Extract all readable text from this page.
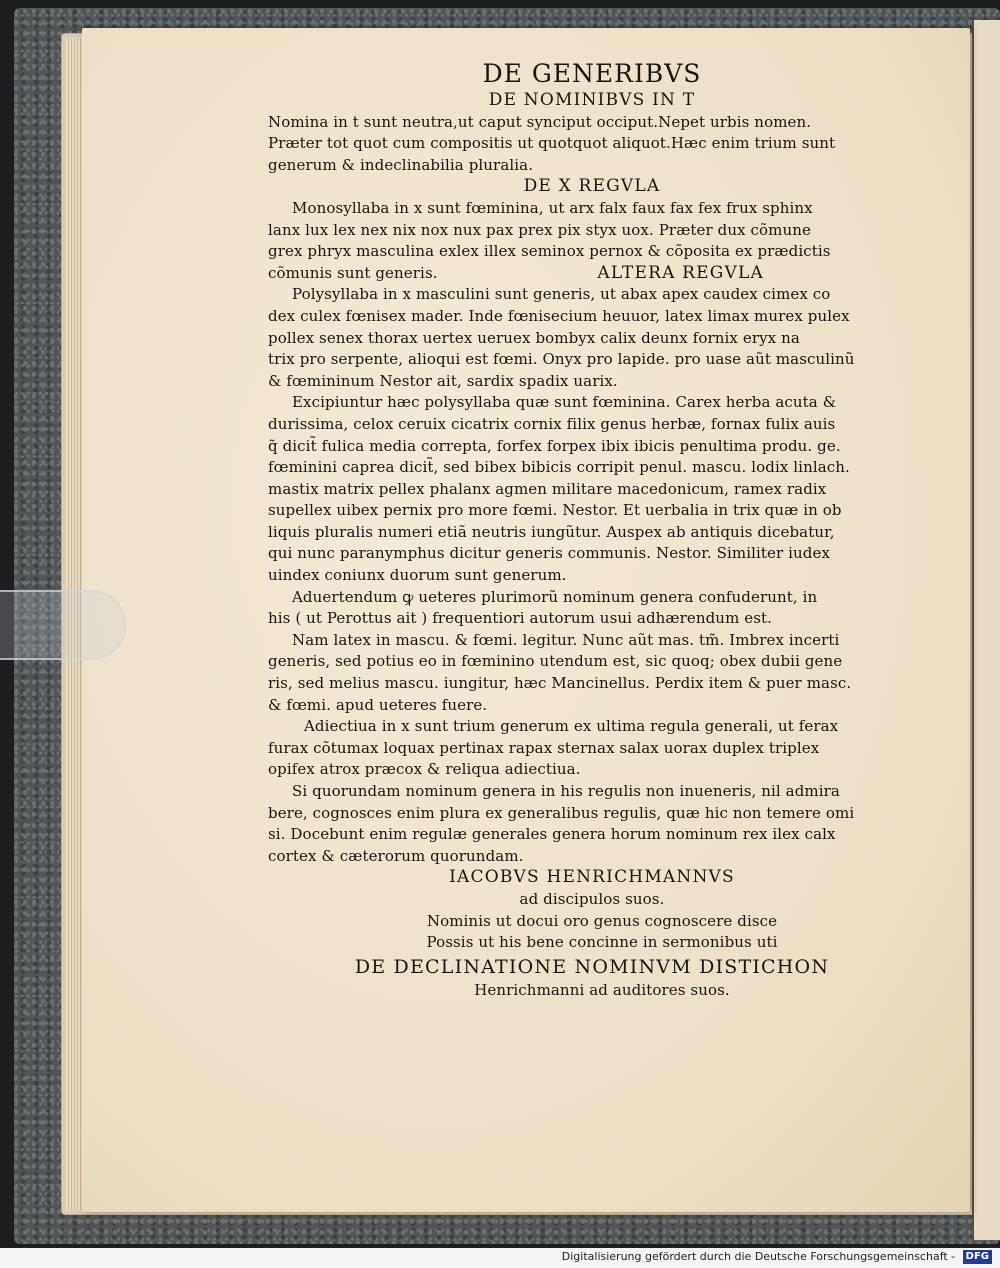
DE GENERIBVS
DE NOMINIBVS IN T
Nomina in t sunt neutra,ut caput synciput occiput.Nepet urbis nomen.
Præter tot quot cum compositis ut quotquot aliquot.Hæc enim trium sunt
generum & indeclinabilia pluralia.
DE X REGVLA
Monosyllaba in x sunt fœminina, ut arx falx faux fax fex frux sphinx
lanx lux lex nex nix nox nux pax prex pix styx uox. Præter dux cõmune
grex phryx masculina exlex illex seminox pernox & cõposita ex prædictis
cõmunis sunt generis.	ALTERA REGVLA
Polysyllaba in x masculini sunt generis, ut abax apex caudex cimex co
dex culex fœnisex mader. Inde fœnisecium heuuor, latex limax murex pulex
pollex senex thorax uertex ueruex bombyx calix deunx fornix eryx na
trix pro serpente, alioqui est fœmi. Onyx pro lapide. pro uase aũt masculinũ
& fœmininum Nestor ait, sardix spadix uarix.
Excipiuntur hæc polysyllaba quæ sunt fœminina. Carex herba acuta &
durissima, celox ceruix cicatrix cornix filix genus herbæ, fornax fulix auis
q̃ dicit̃ fulica media correpta, forfex forpex ibix ibicis penultima produ. ge.
fœminini caprea dicit̃, sed bibex bibicis corripit penul. mascu. lodix linlach.
mastix matrix pellex phalanx agmen militare macedonicum, ramex radix
supellex uibex pernix pro more fœmi. Nestor. Et uerbalia in trix quæ in ob
liquis pluralis numeri etiã neutris iungũtur. Auspex ab antiquis dicebatur,
qui nunc paranymphus dicitur generis communis. Nestor. Similiter iudex
uindex coniunx duorum sunt generum.
Aduertendum ꝙ ueteres plurimorũ nominum genera confuderunt, in
his ( ut Perottus ait ) frequentiori autorum usui adhærendum est.
Nam latex in mascu. & fœmi. legitur. Nunc aũt mas. tm̃. Imbrex incerti
generis, sed potius eo in fœminino utendum est, sic quoq; obex dubii gene
ris, sed melius mascu. iungitur, hæc Mancinellus. Perdix item & puer masc.
& fœmi. apud ueteres fuere.
Adiectiua in x sunt trium generum ex ultima regula generali, ut ferax
furax cõtumax loquax pertinax rapax sternax salax uorax duplex triplex
opifex atrox præcox & reliqua adiectiua.
Si quorundam nominum genera in his regulis non inueneris, nil admira
bere, cognosces enim plura ex generalibus regulis, quæ hic non temere omi
si. Docebunt enim regulæ generales genera horum nominum rex ilex calx
cortex & cæterorum quorundam.
IACOBVS HENRICHMANNVS
ad discipulos suos.
Nominis ut docui oro genus cognoscere disce
Possis ut his bene concinne in sermonibus uti
DE DECLINATIONE NOMINVM DISTICHON
Henrichmanni ad auditores suos.
Digitalisierung gefördert durch die Deutsche Forschungsgemeinschaft - DFG
